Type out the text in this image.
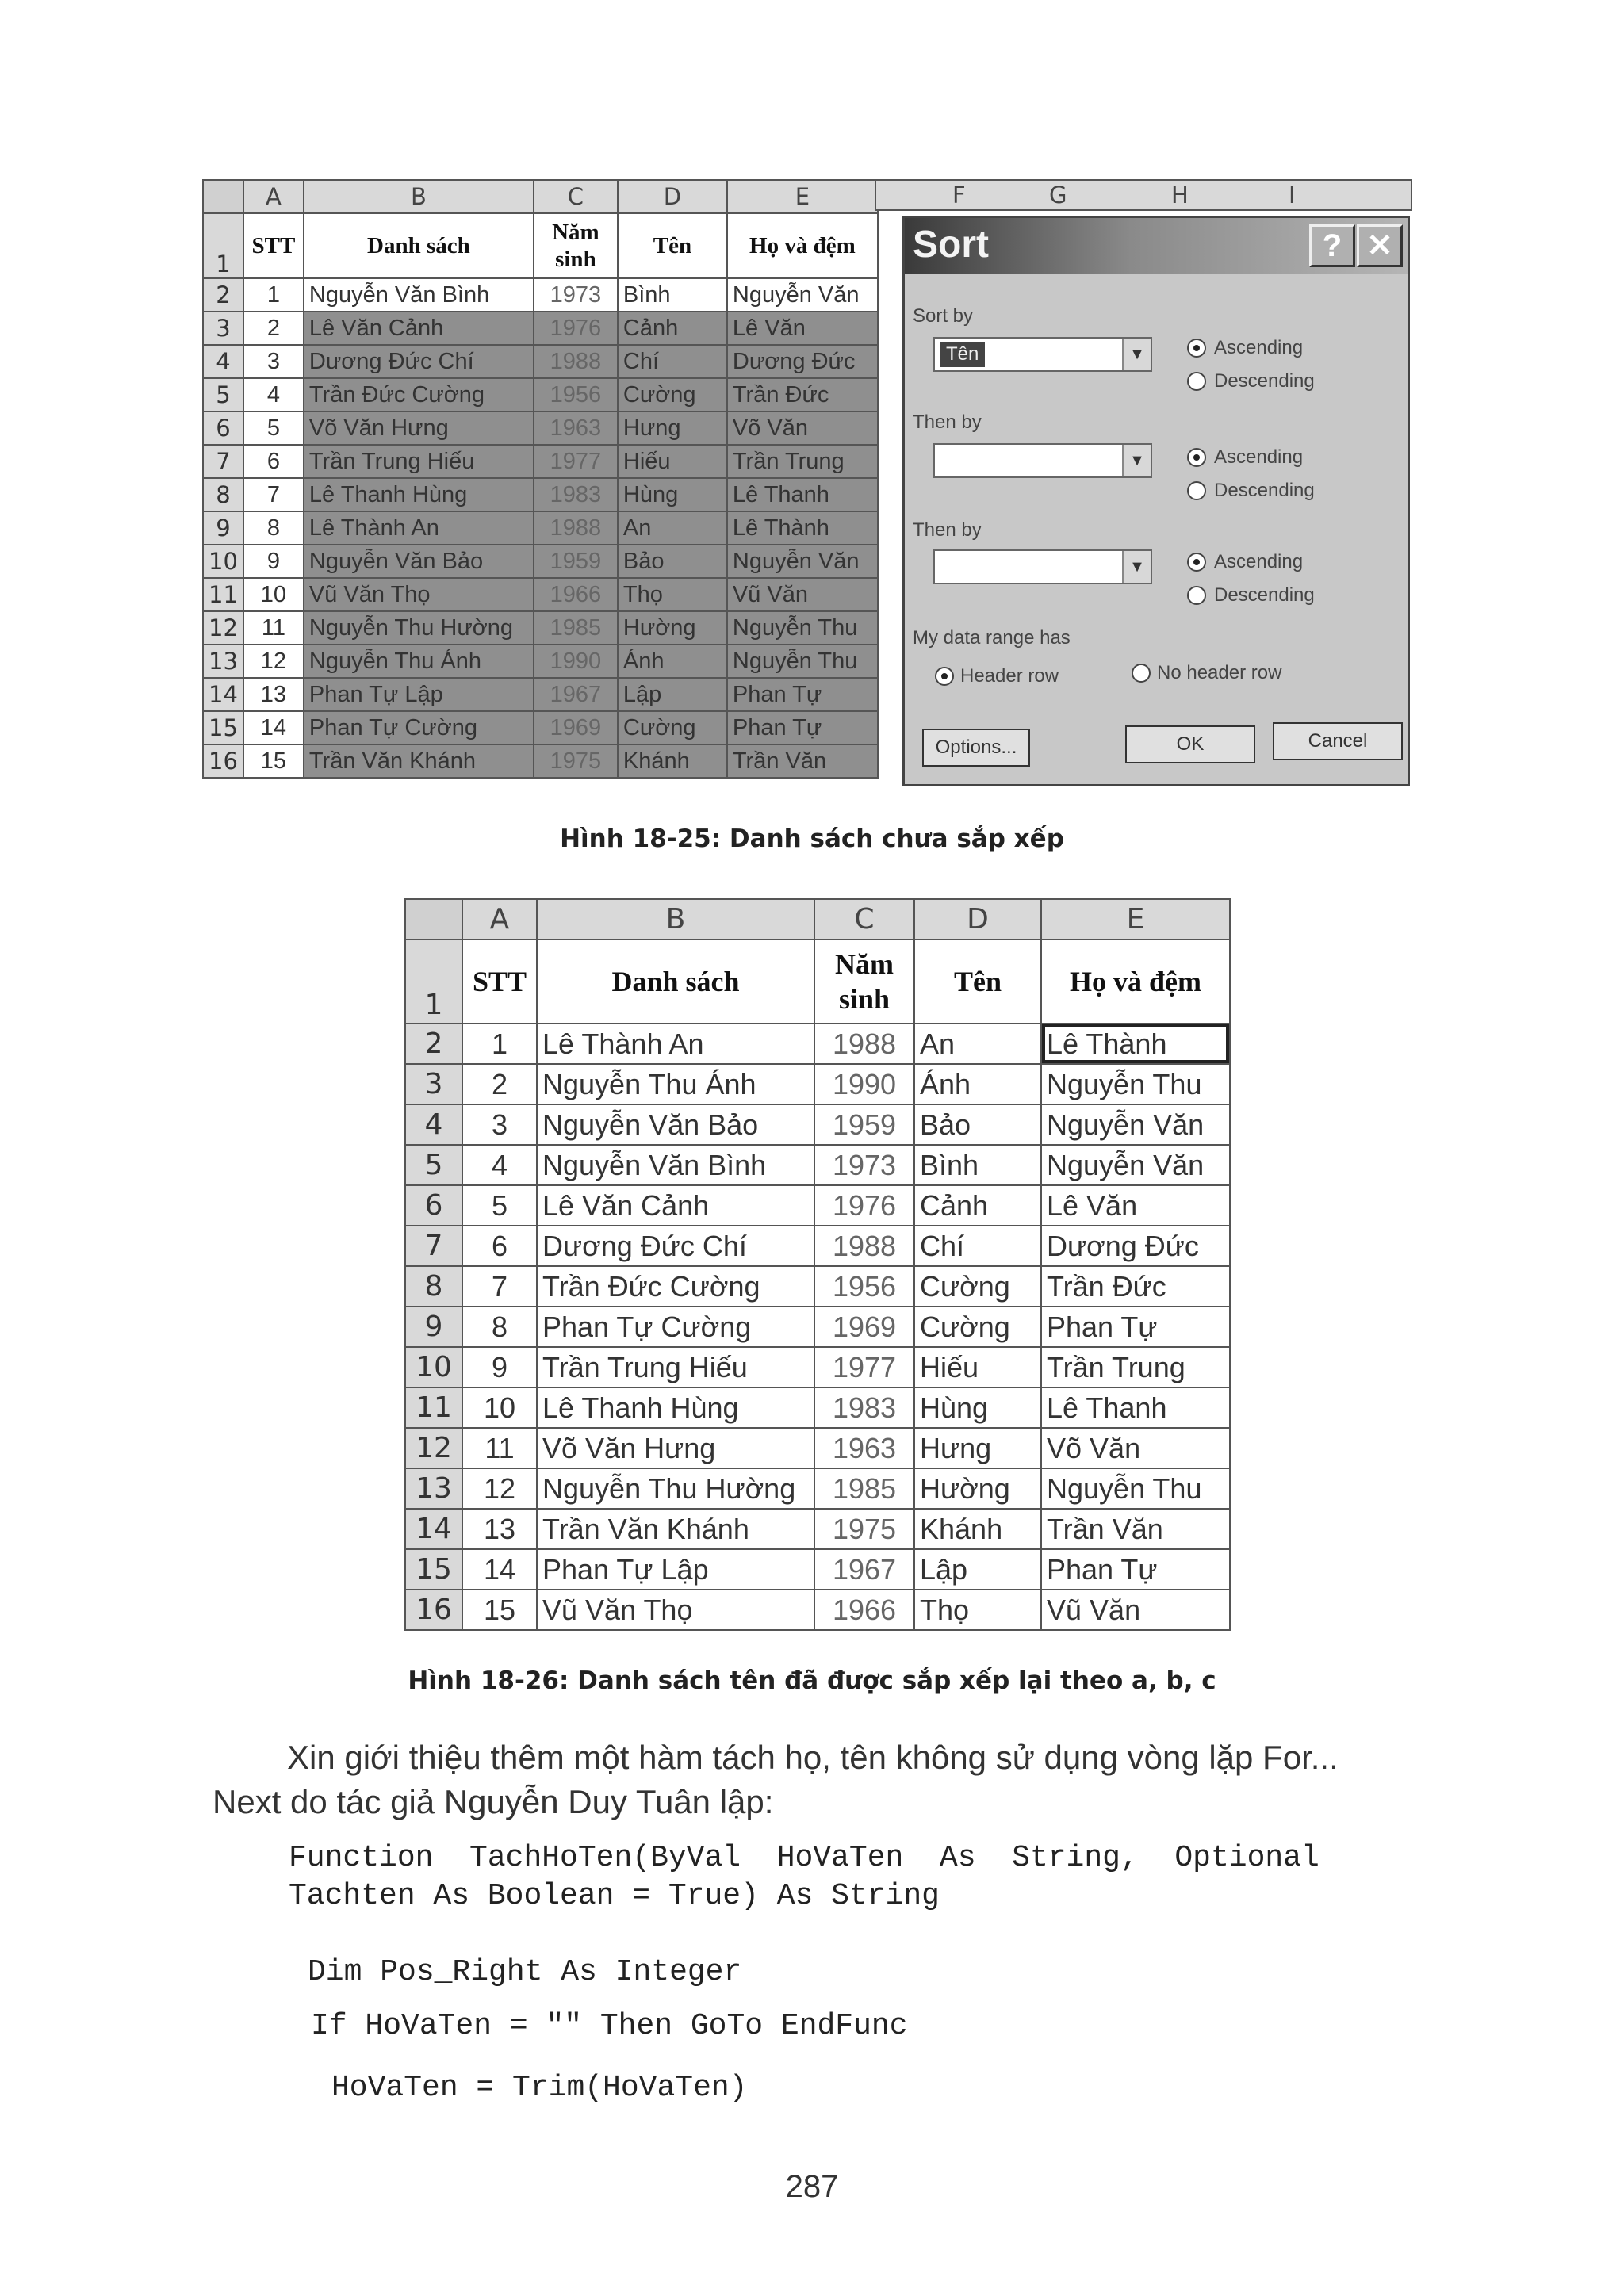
	A	B	C	D	E
1	STT	Danh sách	Năm sinh	Tên	Họ và đệm
2	1	Nguyễn Văn Bình	1973	Bình	Nguyễn Văn
3	2	Lê Văn Cảnh	1976	Cảnh	Lê Văn
4	3	Dương Đức Chí	1988	Chí	Dương Đức
5	4	Trần Đức Cường	1956	Cường	Trần Đức
6	5	Võ Văn Hưng	1963	Hưng	Võ Văn
7	6	Trần Trung Hiếu	1977	Hiếu	Trần Trung
8	7	Lê Thanh Hùng	1983	Hùng	Lê Thanh
9	8	Lê Thành An	1988	An	Lê Thành
10	9	Nguyễn Văn Bảo	1959	Bảo	Nguyễn Văn
11	10	Vũ Văn Thọ	1966	Thọ	Vũ Văn
12	11	Nguyễn Thu Hường	1985	Hường	Nguyễn Thu
13	12	Nguyễn Thu Ánh	1990	Ánh	Nguyễn Thu
14	13	Phan Tự Lập	1967	Lập	Phan Tự
15	14	Phan Tự Cường	1969	Cường	Phan Tự
16	15	Trần Văn Khánh	1975	Khánh	Trần Văn
F	G	H	I
Sort	? ✕
Sort by
Tên	▼	Ascending
Descending
Then by
▼	Ascending
Descending
Then by
▼	Ascending
Descending
My data range has
Header row	No header row
Options...	OK	Cancel
Hình 18-25: Danh sách chưa sắp xếp
	A	B	C	D	E
1	STT	Danh sách	Năm sinh	Tên	Họ và đệm
2	1	Lê Thành An	1988	An	Lê Thành
3	2	Nguyễn Thu Ánh	1990	Ánh	Nguyễn Thu
4	3	Nguyễn Văn Bảo	1959	Bảo	Nguyễn Văn
5	4	Nguyễn Văn Bình	1973	Bình	Nguyễn Văn
6	5	Lê Văn Cảnh	1976	Cảnh	Lê Văn
7	6	Dương Đức Chí	1988	Chí	Dương Đức
8	7	Trần Đức Cường	1956	Cường	Trần Đức
9	8	Phan Tự Cường	1969	Cường	Phan Tự
10	9	Trần Trung Hiếu	1977	Hiếu	Trần Trung
11	10	Lê Thanh Hùng	1983	Hùng	Lê Thanh
12	11	Võ Văn Hưng	1963	Hưng	Võ Văn
13	12	Nguyễn Thu Hường	1985	Hường	Nguyễn Thu
14	13	Trần Văn Khánh	1975	Khánh	Trần Văn
15	14	Phan Tự Lập	1967	Lập	Phan Tự
16	15	Vũ Văn Thọ	1966	Thọ	Vũ Văn
Hình 18-26: Danh sách tên đã được sắp xếp lại theo a, b, c
Xin giới thiệu thêm một hàm tách họ, tên không sử dụng vòng lặp For...
Next do tác giả Nguyễn Duy Tuân lập:
Function  TachHoTen(ByVal  HoVaTen  As  String,  Optional
Tachten As Boolean = True) As String
Dim Pos_Right As Integer
If HoVaTen = "" Then GoTo EndFunc
HoVaTen = Trim(HoVaTen)
287
